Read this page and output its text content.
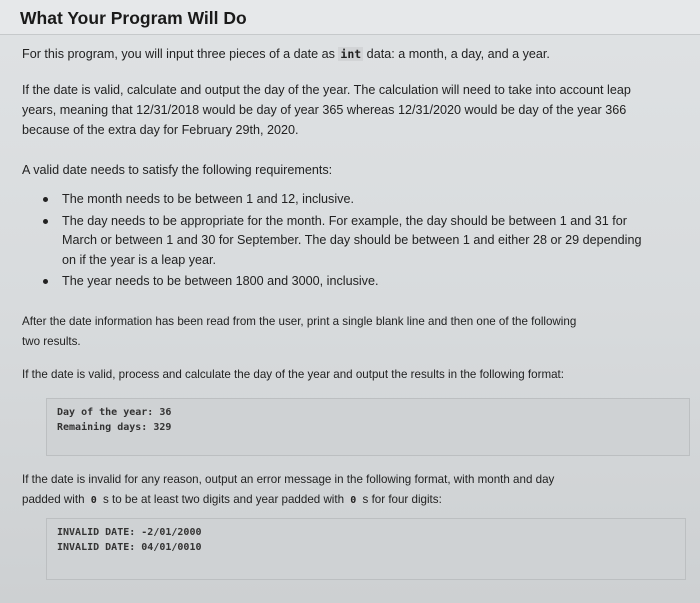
What Your Program Will Do
For this program, you will input three pieces of a date as int data: a month, a day, and a year.
If the date is valid, calculate and output the day of the year. The calculation will need to take into account leap
years, meaning that 12/31/2018 would be day of year 365 whereas 12/31/2020 would be day of the year 366
because of the extra day for February 29th, 2020.
A valid date needs to satisfy the following requirements:
The month needs to be between 1 and 12, inclusive.
The day needs to be appropriate for the month. For example, the day should be between 1 and 31 for
March or between 1 and 30 for September. The day should be between 1 and either 28 or 29 depending
on if the year is a leap year.
The year needs to be between 1800 and 3000, inclusive.
After the date information has been read from the user, print a single blank line and then one of the following
two results.
If the date is valid, process and calculate the day of the year and output the results in the following format:
Day of the year: 36
Remaining days: 329
If the date is invalid for any reason, output an error message in the following format, with month and day
padded with 0 s to be at least two digits and year padded with 0 s for four digits:
INVALID DATE: -2/01/2000
INVALID DATE: 04/01/0010
